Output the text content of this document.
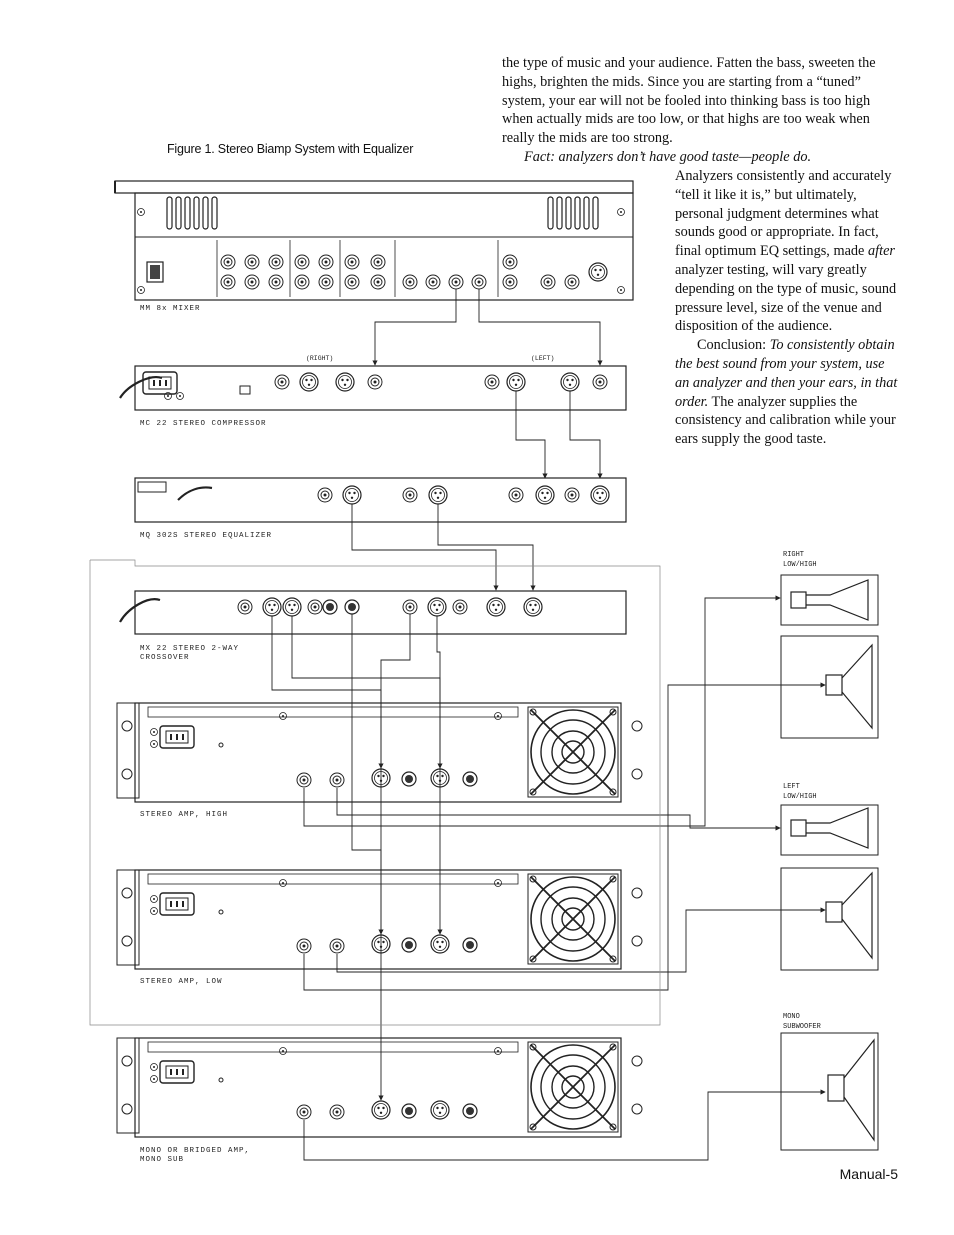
Figure 1. Stereo Biamp System with Equalizer

the type of music and your audience. Fatten the bass, sweeten the highs, brighten the mids. Since you are starting from a “tuned” system, your ear will not be fooled into thinking bass is too high when actually mids are too low, or that highs are too weak when really the mids are too strong.

Fact: analyzers don’t have good taste—people do.

Analyzers consistently and accurately “tell it like it is,” but ultimately, personal judgment determines what sounds good or appropriate. In fact, final optimum EQ settings, made after analyzer testing, will vary greatly depending on the type of music, sound pressure level, size of the venue and disposition of the audience.

Conclusion: To consistently obtain the best sound from your system, use an analyzer and then your ears, in that order. The analyzer supplies the consistency and calibration while your ears supply the good taste.

MM 8x MIXER
(RIGHT)	(LEFT)
MC 22 STEREO COMPRESSOR
MQ 302S STEREO EQUALIZER
MX 22 STEREO 2-WAY
CROSSOVER
STEREO AMP, HIGH
STEREO AMP, LOW
MONO OR BRIDGED AMP,
MONO SUB
RIGHT
LOW/HIGH
LEFT
LOW/HIGH
MONO
SUBWOOFER
Manual-5
